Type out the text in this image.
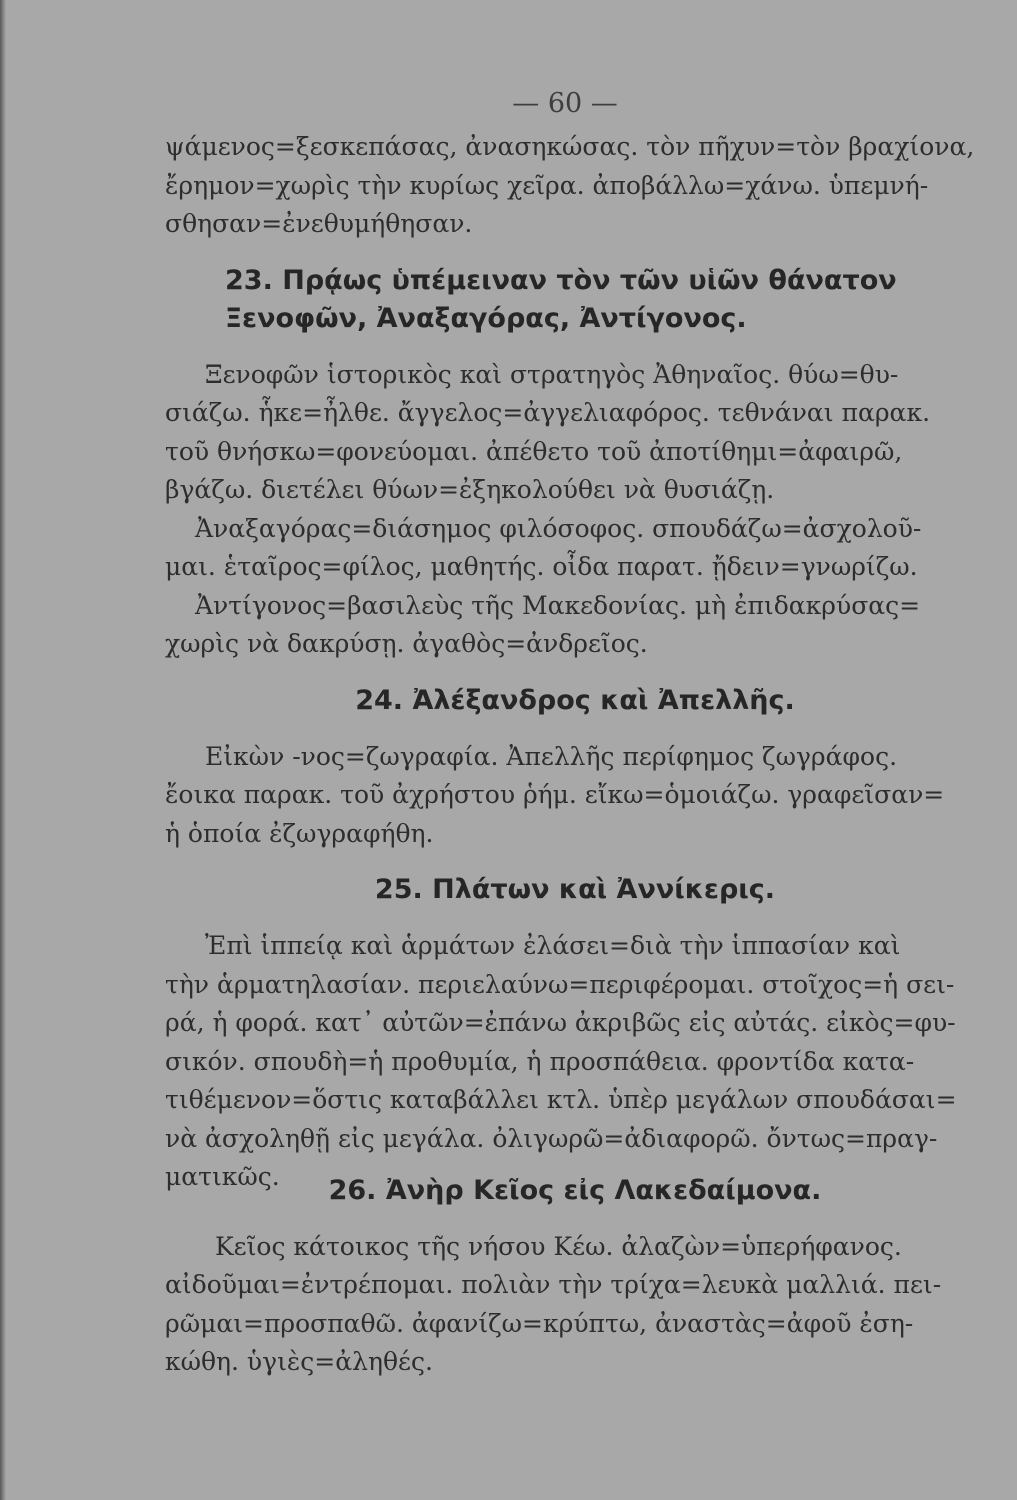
— 60 —
ψάμενος=ξεσκεπάσας, ἀνασηκώσας. τὸν πῆχυν=τὸν βραχίονα,
ἔρημον=χωρὶς τὴν κυρίως χεῖρα. ἀποβάλλω=χάνω. ὑπεμνή-
σθησαν=ἐνεθυμήθησαν.
23. Πρᾴως ὑπέμειναν τὸν τῶν υἱῶν θάνατον
Ξενοφῶν, Ἀναξαγόρας, Ἀντίγονος.
Ξενοφῶν ἱστορικὸς καὶ στρατηγὸς Ἀθηναῖος. θύω=θυ-
σιάζω. ἧκε=ἦλθε. ἄγγελος=ἀγγελιαφόρος. τεθνάναι παρακ.
τοῦ θνήσκω=φονεύομαι. ἀπέθετο τοῦ ἀποτίθημι=ἀφαιρῶ,
βγάζω. διετέλει θύων=ἐξηκολούθει νὰ θυσιάζῃ.
Ἀναξαγόρας=διάσημος φιλόσοφος. σπουδάζω=ἀσχολοῦ-
μαι. ἑταῖρος=φίλος, μαθητής. οἶδα παρατ. ᾔδειν=γνωρίζω.
Ἀντίγονος=βασιλεὺς τῆς Μακεδονίας. μὴ ἐπιδακρύσας=
χωρὶς νὰ δακρύσῃ. ἀγαθὸς=ἀνδρεῖος.
24. Ἀλέξανδρος καὶ Ἀπελλῆς.
Εἰκὼν -νος=ζωγραφία. Ἀπελλῆς περίφημος ζωγράφος.
ἔοικα παρακ. τοῦ ἀχρήστου ῥήμ. εἴκω=ὁμοιάζω. γραφεῖσαν=
ἡ ὁποία ἐζωγραφήθη.
25. Πλάτων καὶ Ἀννίκερις.
Ἐπὶ ἱππείᾳ καὶ ἁρμάτων ἐλάσει=διὰ τὴν ἱππασίαν καὶ
τὴν ἁρματηλασίαν. περιελαύνω=περιφέρομαι. στοῖχος=ἡ σει-
ρά, ἡ φορά. κατ᾽ αὐτῶν=ἐπάνω ἀκριβῶς εἰς αὐτάς. εἰκὸς=φυ-
σικόν. σπουδὴ=ἡ προθυμία, ἡ προσπάθεια. φροντίδα κατα-
τιθέμενον=ὅστις καταβάλλει κτλ. ὑπὲρ μεγάλων σπουδάσαι=
νὰ ἀσχοληθῇ εἰς μεγάλα. ὀλιγωρῶ=ἀδιαφορῶ. ὄντως=πραγ-
ματικῶς.	26. Ἀνὴρ Κεῖος εἰς Λακεδαίμονα.
Κεῖος κάτοικος τῆς νήσου Κέω. ἀλαζὼν=ὑπερήφανος.
αἰδοῦμαι=ἐντρέπομαι. πολιὰν τὴν τρίχα=λευκὰ μαλλιά. πει-
ρῶμαι=προσπαθῶ. ἀφανίζω=κρύπτω, ἀναστὰς=ἀφοῦ ἐση-
κώθη. ὑγιὲς=ἀληθές.
